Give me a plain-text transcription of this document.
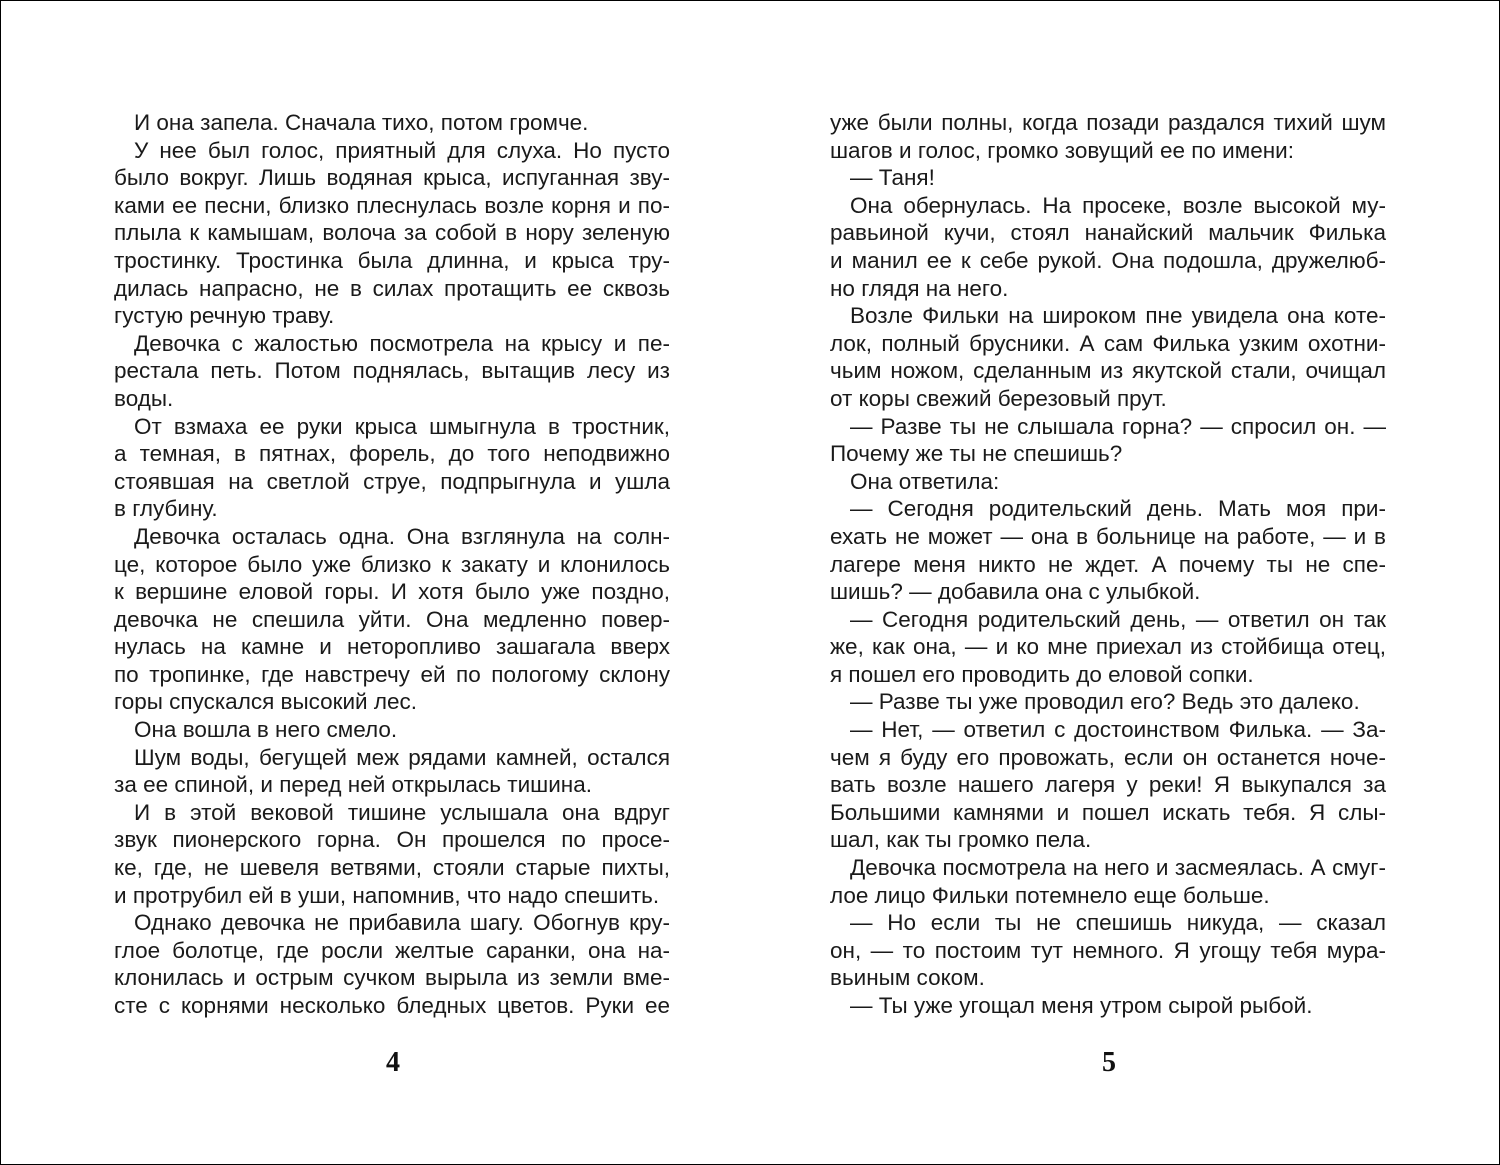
И она запела. Сначала тихо, потом громче.
У нее был голос, приятный для слуха. Но пусто
было вокруг. Лишь водяная крыса, испуганная зву-
ками ее песни, близко плеснулась возле корня и по-
плыла к камышам, волоча за собой в нору зеленую
тростинку. Тростинка была длинна, и крыса тру-
дилась напрасно, не в силах протащить ее сквозь
густую речную траву.
Девочка с жалостью посмотрела на крысу и пе-
рестала петь. Потом поднялась, вытащив лесу из
воды.
От взмаха ее руки крыса шмыгнула в тростник,
а темная, в пятнах, форель, до того неподвижно
стоявшая на светлой струе, подпрыгнула и ушла
в глубину.
Девочка осталась одна. Она взглянула на солн-
це, которое было уже близко к закату и клонилось
к вершине еловой горы. И хотя было уже поздно,
девочка не спешила уйти. Она медленно повер-
нулась на камне и неторопливо зашагала вверх
по тропинке, где навстречу ей по пологому склону
горы спускался высокий лес.
Она вошла в него смело.
Шум воды, бегущей меж рядами камней, остался
за ее спиной, и перед ней открылась тишина.
И в этой вековой тишине услышала она вдруг
звук пионерского горна. Он прошелся по просе-
ке, где, не шевеля ветвями, стояли старые пихты,
и протрубил ей в уши, напомнив, что надо спешить.
Однако девочка не прибавила шагу. Обогнув кру-
глое болотце, где росли желтые саранки, она на-
клонилась и острым сучком вырыла из земли вме-
сте с корнями несколько бледных цветов. Руки ее
4
уже были полны, когда позади раздался тихий шум
шагов и голос, громко зовущий ее по имени:
— Таня!
Она обернулась. На просеке, возле высокой му-
равьиной кучи, стоял нанайский мальчик Филька
и манил ее к себе рукой. Она подошла, дружелюб-
но глядя на него.
Возле Фильки на широком пне увидела она коте-
лок, полный брусники. А сам Филька узким охотни-
чьим ножом, сделанным из якутской стали, очищал
от коры свежий березовый прут.
— Разве ты не слышала горна? — спросил он. —
Почему же ты не спешишь?
Она ответила:
— Сегодня родительский день. Мать моя при-
ехать не может — она в больнице на работе, — и в
лагере меня никто не ждет. А почему ты не спе-
шишь? — добавила она с улыбкой.
— Сегодня родительский день, — ответил он так
же, как она, — и ко мне приехал из стойбища отец,
я пошел его проводить до еловой сопки.
— Разве ты уже проводил его? Ведь это далеко.
— Нет, — ответил с достоинством Филька. — За-
чем я буду его провожать, если он останется ноче-
вать возле нашего лагеря у реки! Я выкупался за
Большими камнями и пошел искать тебя. Я слы-
шал, как ты громко пела.
Девочка посмотрела на него и засмеялась. А смуг-
лое лицо Фильки потемнело еще больше.
— Но если ты не спешишь никуда, — сказал
он, — то постоим тут немного. Я угощу тебя мура-
вьиным соком.
— Ты уже угощал меня утром сырой рыбой.
5
